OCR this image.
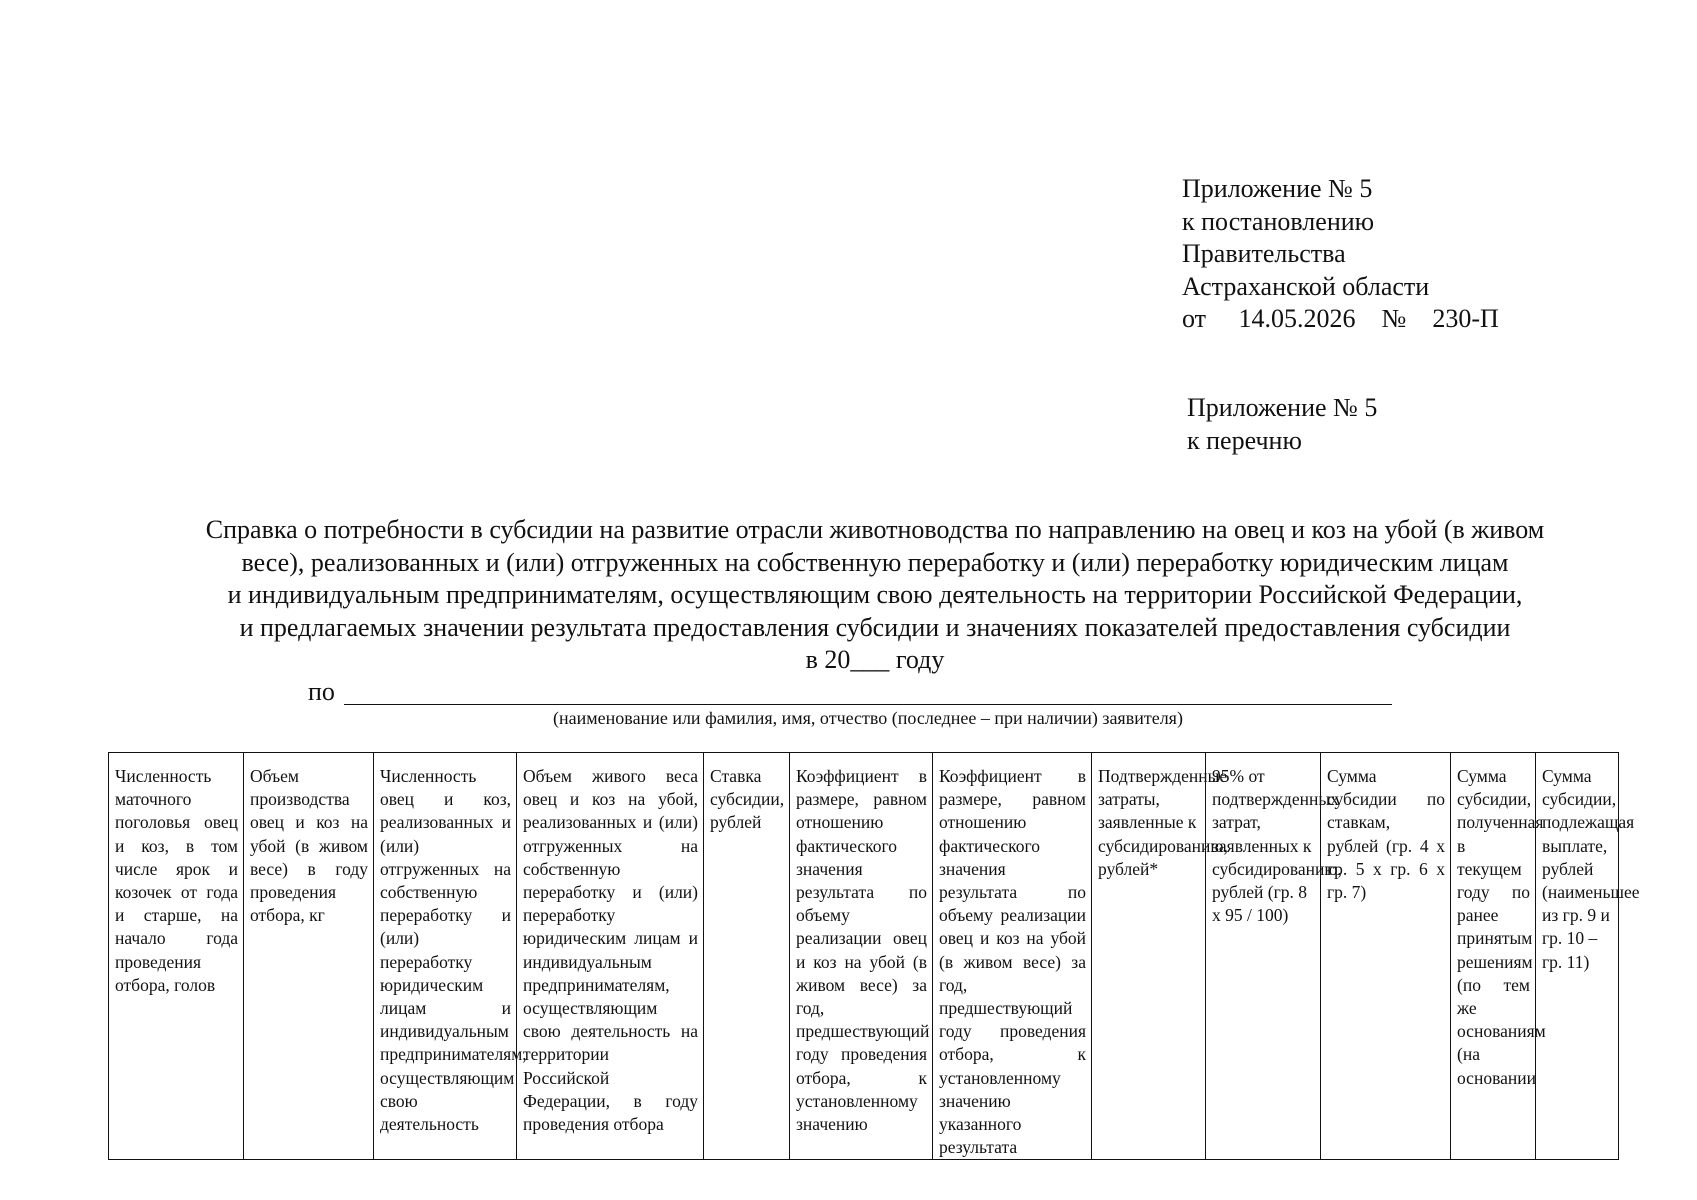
Приложение № 5
к постановлению
Правительства
Астраханской области
от     14.05.2026    №    230-П
Приложение № 5
к перечню
Справка о потребности в субсидии на развитие отрасли животноводства по направлению на овец и коз на убой (в живом
весе), реализованных и (или) отгруженных на собственную переработку и (или) переработку юридическим лицам
и индивидуальным предпринимателям, осуществляющим свою деятельность на территории Российской Федерации,
и предлагаемых значении результата предоставления субсидии и значениях показателей предоставления субсидии
в 20___ году
по
(наименование или фамилия, имя, отчество (последнее – при наличии) заявителя)
Численность маточного поголовья овец и коз, в том числе ярок и козочек от года и старше, на начало года проведения отбора, голов	Объем производства овец и коз на убой (в живом весе) в году проведения отбора, кг	Численность овец и коз, реализованных и (или) отгруженных на собственную переработку и (или) переработку юридическим лицам и индивидуальным предпринимателям, осуществляющим свою деятельность	Объем живого веса овец и коз на убой, реализованных и (или) отгруженных на собственную переработку и (или) переработку юридическим лицам и индивидуальным предпринимателям, осуществляющим свою деятельность на территории Российской Федерации, в году проведения отбора	Ставка субсидии, рублей	Коэффициент в размере, равном отношению фактического значения результата по объему реализации овец и коз на убой (в живом весе) за год, предшествующий году проведения отбора, к установленному значению	Коэффициент в размере, равном отношению фактического значения результата по объему реализации овец и коз на убой (в живом весе) за год, предшествующий году проведения отбора, к установленному значению указанного результата	Подтвержденные затраты, заявленные к субсидированию, рублей*	95% от подтвержденных затрат, заявленных к субсидированию, рублей (гр. 8 х 95 / 100)	Сумма субсидии по ставкам, рублей (гр. 4 х гр. 5 х гр. 6 х гр. 7)	Сумма субсидии, полученная в текущем году по ранее принятым решениям (по тем же основаниям (на основании	Сумма субсидии, подлежащая выплате, рублей (наименьшее из гр. 9 и гр. 10 – гр. 11)
